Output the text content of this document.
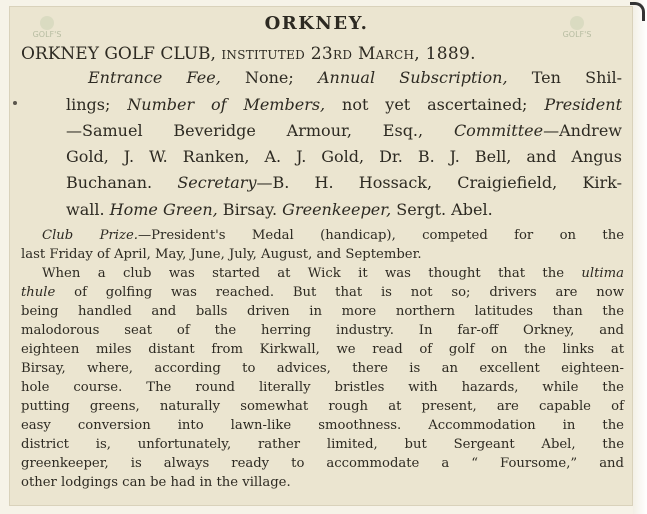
GOLF'S	GOLF'S
ORKNEY.
ORKNEY GOLF CLUB, instituted 23rd March, 1889.
Entrance Fee, None; Annual Subscription, Ten Shil-
lings; Number of Members, not yet ascertained; President
—Samuel Beveridge Armour, Esq., Committee—Andrew
Gold, J. W. Ranken, A. J. Gold, Dr. B. J. Bell, and Angus
Buchanan. Secretary—B. H. Hossack, Craigiefield, Kirk-
wall. Home Green, Birsay. Greenkeeper, Sergt. Abel.
Club Prize.—President's Medal (handicap), competed for on the
last Friday of April, May, June, July, August, and September.
When a club was started at Wick it was thought that the ultima
thule of golfing was reached. But that is not so; drivers are now
being handled and balls driven in more northern latitudes than the
malodorous seat of the herring industry. In far-off Orkney, and
eighteen miles distant from Kirkwall, we read of golf on the links at
Birsay, where, according to advices, there is an excellent eighteen-
hole course. The round literally bristles with hazards, while the
putting greens, naturally somewhat rough at present, are capable of
easy conversion into lawn-like smoothness. Accommodation in the
district is, unfortunately, rather limited, but Sergeant Abel, the
greenkeeper, is always ready to accommodate a “ Foursome,” and
other lodgings can be had in the village.
